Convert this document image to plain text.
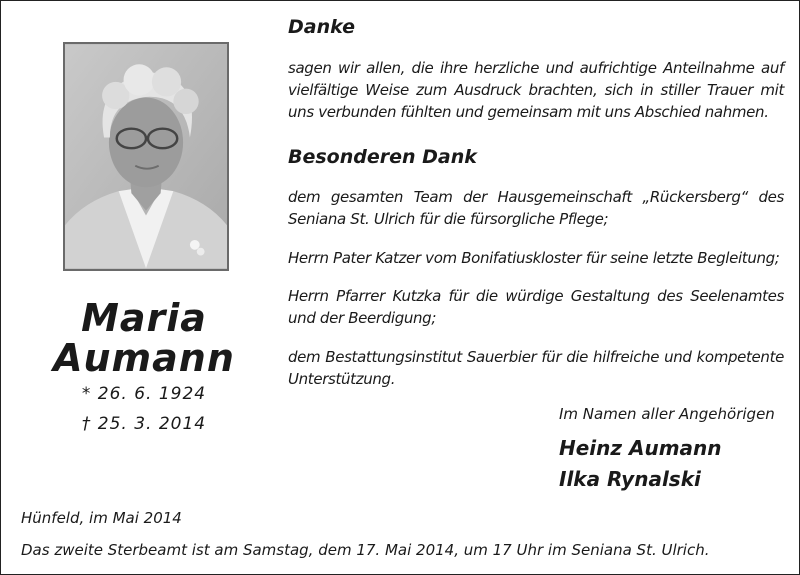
Maria
Aumann
* 26. 6. 1924
† 25. 3. 2014
Danke
sagen wir allen, die ihre herzliche und aufrichtige Anteilnahme auf vielfältige Weise zum Ausdruck brachten, sich in stiller Trauer mit uns verbunden fühlten und gemeinsam mit uns Abschied nahmen.
Besonderen Dank
dem gesamten Team der Hausgemeinschaft „Rückersberg“ des Seniana St. Ulrich für die fürsorgliche Pflege;
Herrn Pater Katzer vom Bonifatiuskloster für seine letzte Begleitung;
Herrn Pfarrer Kutzka für die würdige Gestaltung des Seelenamtes und der Beerdigung;
dem Bestattungsinstitut Sauerbier für die hilfreiche und kompetente Unterstützung.
Im Namen aller Angehörigen
Heinz Aumann
Ilka Rynalski
Hünfeld, im Mai 2014
Das zweite Sterbeamt ist am Samstag, dem 17. Mai 2014, um 17 Uhr im Seniana St. Ulrich.
